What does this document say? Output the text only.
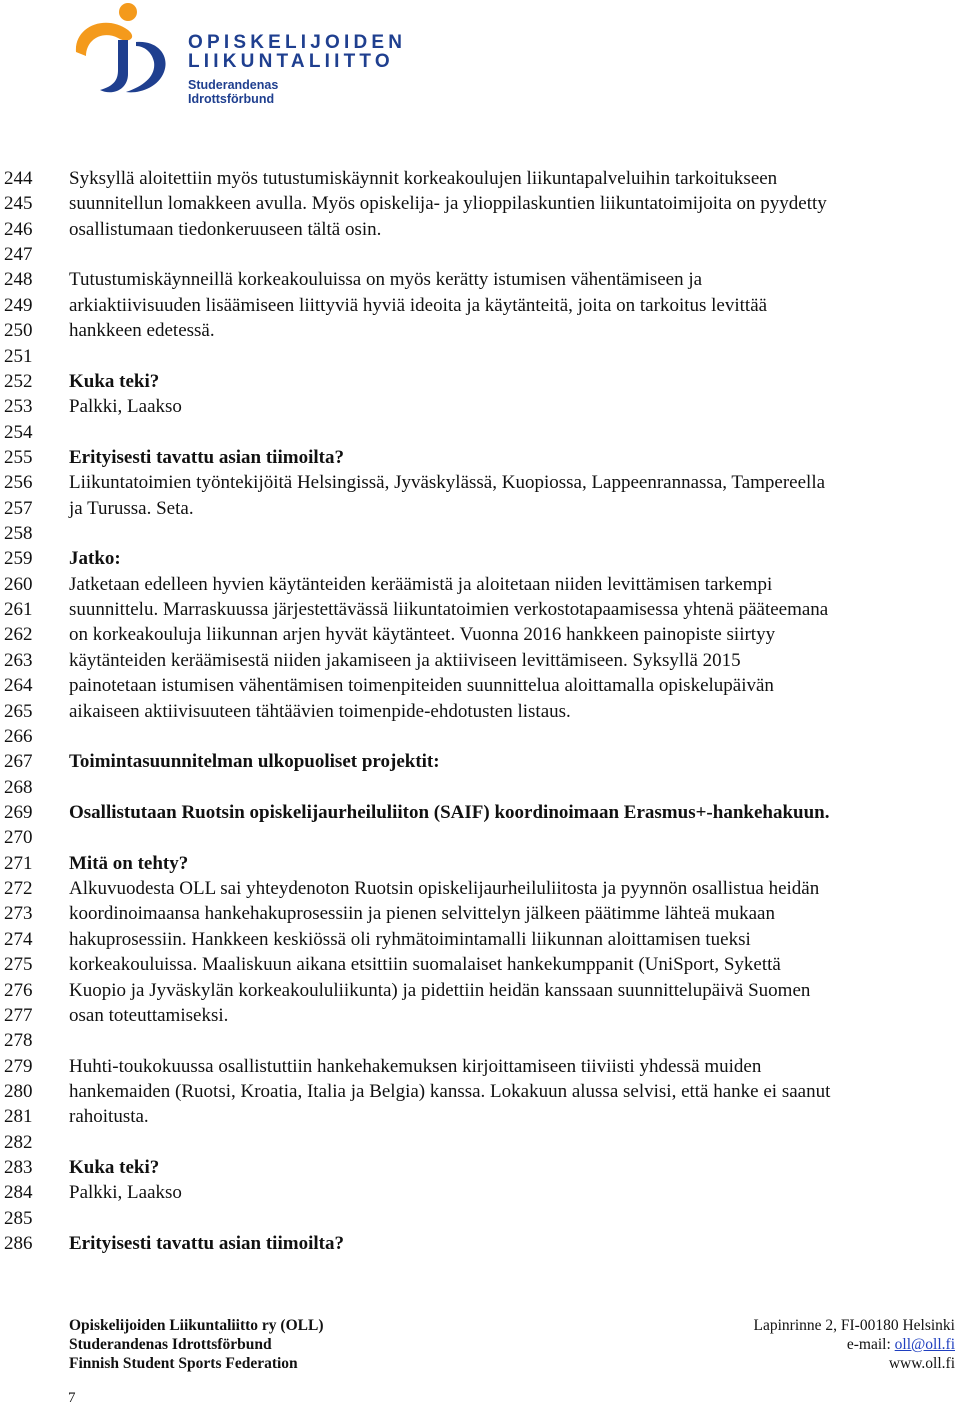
OPISKELIJOIDEN
LIIKUNTALIITTO
Studerandenas Idrottsförbund
244
245
246
247
248
249
250
251
252
253
254
255
256
257
258
259
260
261
262
263
264
265
266
267
268
269
270
271
272
273
274
275
276
277
278
279
280
281
282
283
284
285
286
Syksyllä aloitettiin myös tutustumiskäynnit korkeakoulujen liikuntapalveluihin tarkoitukseen
suunnitellun lomakkeen avulla. Myös opiskelija- ja ylioppilaskuntien liikuntatoimijoita on pyydetty
osallistumaan tiedonkeruuseen tältä osin.
Tutustumiskäynneillä korkeakouluissa on myös kerätty istumisen vähentämiseen ja
arkiaktiivisuuden lisäämiseen liittyviä hyviä ideoita ja käytänteitä, joita on tarkoitus levittää
hankkeen edetessä.
Kuka teki?
Palkki, Laakso
Erityisesti tavattu asian tiimoilta?
Liikuntatoimien työntekijöitä Helsingissä, Jyväskylässä, Kuopiossa, Lappeenrannassa, Tampereella
ja Turussa. Seta.
Jatko:
Jatketaan edelleen hyvien käytänteiden keräämistä ja aloitetaan niiden levittämisen tarkempi
suunnittelu. Marraskuussa järjestettävässä liikuntatoimien verkostotapaamisessa yhtenä pääteemana
on korkeakouluja liikunnan arjen hyvät käytänteet. Vuonna 2016 hankkeen painopiste siirtyy
käytänteiden keräämisestä niiden jakamiseen ja aktiiviseen levittämiseen. Syksyllä 2015
painotetaan istumisen vähentämisen toimenpiteiden suunnittelua aloittamalla opiskelupäivän
aikaiseen aktiivisuuteen tähtäävien toimenpide-ehdotusten listaus.
Toimintasuunnitelman ulkopuoliset projektit:
Osallistutaan Ruotsin opiskelijaurheiluliiton (SAIF) koordinoimaan Erasmus+-hankehakuun.
Mitä on tehty?
Alkuvuodesta OLL sai yhteydenoton Ruotsin opiskelijaurheiluliitosta ja pyynnön osallistua heidän
koordinoimaansa hankehakuprosessiin ja pienen selvittelyn jälkeen päätimme lähteä mukaan
hakuprosessiin. Hankkeen keskiössä oli ryhmätoimintamalli liikunnan aloittamisen tueksi
korkeakouluissa. Maaliskuun aikana etsittiin suomalaiset hankekumppanit (UniSport, Sykettä
Kuopio ja Jyväskylän korkeakoululiikunta) ja pidettiin heidän kanssaan suunnittelupäivä Suomen
osan toteuttamiseksi.
Huhti-toukokuussa osallistuttiin hankehakemuksen kirjoittamiseen tiiviisti yhdessä muiden
hankemaiden (Ruotsi, Kroatia, Italia ja Belgia) kanssa. Lokakuun alussa selvisi, että hanke ei saanut
rahoitusta.
Kuka teki?
Palkki, Laakso
Erityisesti tavattu asian tiimoilta?
Opiskelijoiden Liikuntaliitto ry (OLL)
Studerandenas Idrottsförbund
Finnish Student Sports Federation
Lapinrinne 2, FI-00180 Helsinki
e-mail: oll@oll.fi
www.oll.fi
7
